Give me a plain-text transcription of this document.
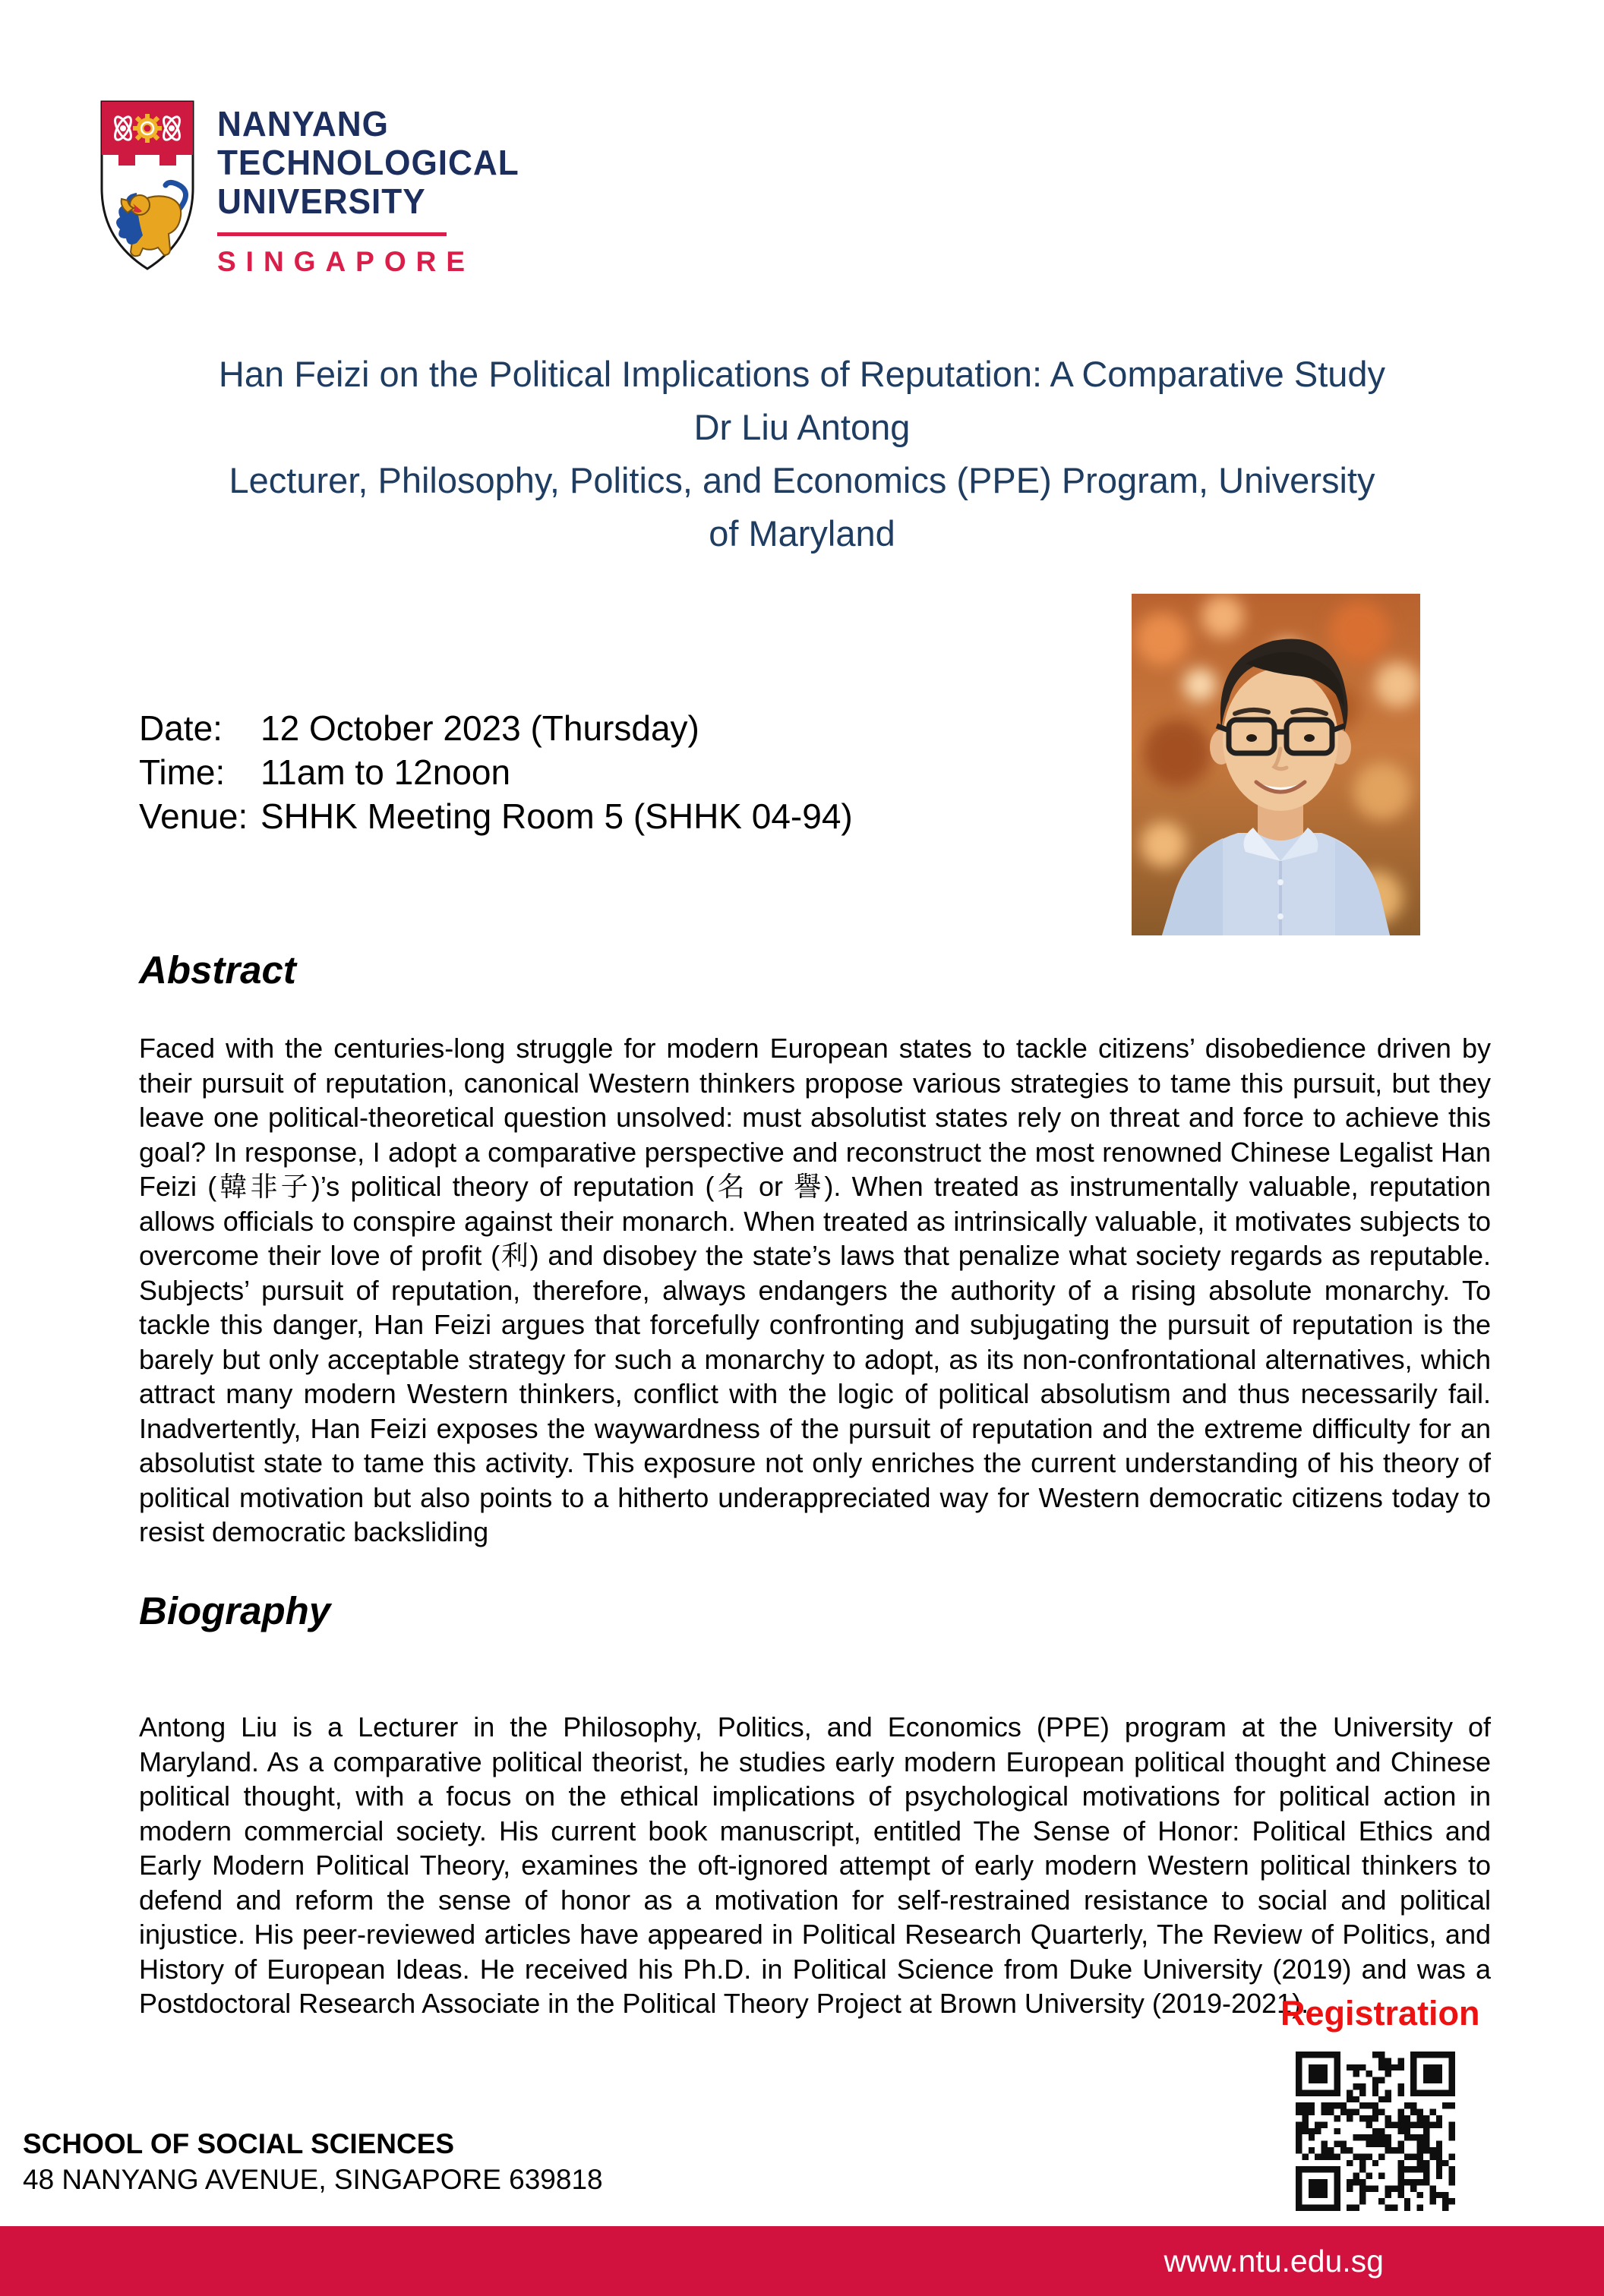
NANYANG
TECHNOLOGICAL
UNIVERSITY
SINGAPORE
Han Feizi on the Political Implications of Reputation: A Comparative Study
Dr Liu Antong
Lecturer, Philosophy, Politics, and Economics (PPE) Program, University of Maryland
Date:	12 October 2023 (Thursday)
Time:	11am to 12noon
Venue: SHHK Meeting Room 5 (SHHK 04-94)
Abstract
Faced with the centuries-long struggle for modern European states to tackle citizens’ disobedience driven by their pursuit of reputation, canonical Western thinkers propose various strategies to tame this pursuit, but they leave one political-theoretical question unsolved: must absolutist states rely on threat and force to achieve this goal? In response, I adopt a comparative perspective and reconstruct the most renowned Chinese Legalist Han Feizi (韓非子)’s political theory of reputation (名 or 譽). When treated as instrumentally valuable, reputation allows officials to conspire against their monarch. When treated as intrinsically valuable, it motivates subjects to overcome their love of profit (利) and disobey the state’s laws that penalize what society regards as reputable. Subjects’ pursuit of reputation, therefore, always endangers the authority of a rising absolute monarchy. To tackle this danger, Han Feizi argues that forcefully confronting and subjugating the pursuit of reputation is the barely but only acceptable strategy for such a monarchy to adopt, as its non-confrontational alternatives, which attract many modern Western thinkers, conflict with the logic of political absolutism and thus necessarily fail. Inadvertently, Han Feizi exposes the waywardness of the pursuit of reputation and the extreme difficulty for an absolutist state to tame this activity. This exposure not only enriches the current understanding of his theory of political motivation but also points to a hitherto underappreciated way for Western democratic citizens today to resist democratic backsliding
Biography
Antong Liu is a Lecturer in the Philosophy, Politics, and Economics (PPE) program at the University of Maryland. As a comparative political theorist, he studies early modern European political thought and Chinese political thought, with a focus on the ethical implications of psychological motivations for political action in modern commercial society. His current book manuscript, entitled The Sense of Honor: Political Ethics and Early Modern Political Theory, examines the oft-ignored attempt of early modern Western political thinkers to defend and reform the sense of honor as a motivation for self-restrained resistance to social and political injustice. His peer-reviewed articles have appeared in Political Research Quarterly, The Review of Politics, and History of European Ideas. He received his Ph.D. in Political Science from Duke University (2019) and was a Postdoctoral Research Associate in the Political Theory Project at Brown University (2019-2021).
Registration
SCHOOL OF SOCIAL SCIENCES
48 NANYANG AVENUE, SINGAPORE 639818
www.ntu.edu.sg
